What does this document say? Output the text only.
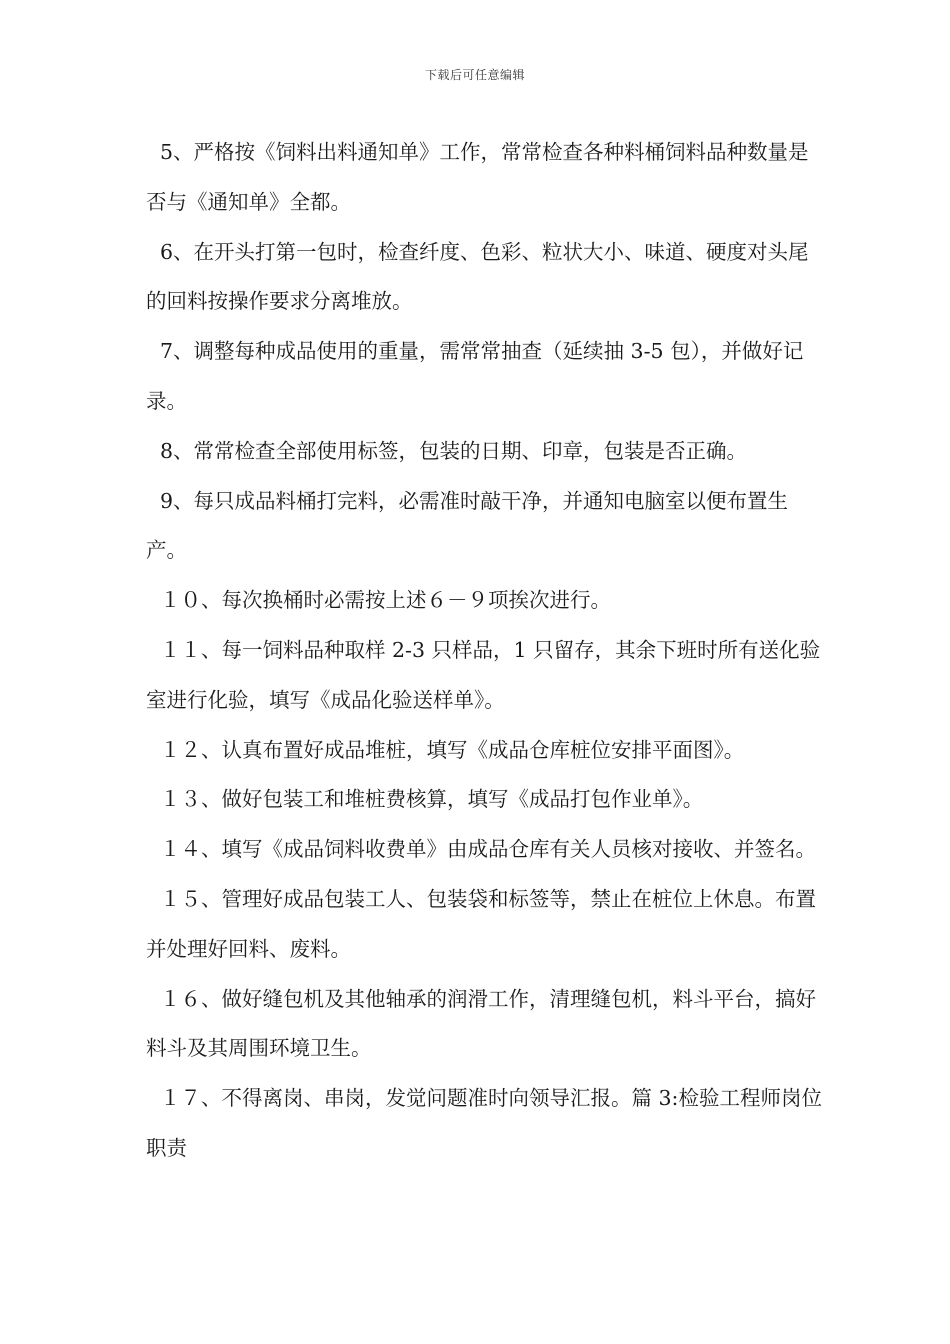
下载后可任意编辑

5、严格按《饲料出料通知单》工作，常常检查各种料桶饲料品种数量是否与《通知单》全都。

6、在开头打第一包时，检查纤度、色彩、粒状大小、味道、硬度对头尾的回料按操作要求分离堆放。

7、调整每种成品使用的重量，需常常抽查（延续抽 3-5 包），并做好记录。

8、常常检查全部使用标签，包装的日期、印章，包装是否正确。

9、每只成品料桶打完料，必需准时敲干净，并通知电脑室以便布置生产。

１０、每次换桶时必需按上述６－９项挨次进行。

１１、每一饲料品种取样 2-3 只样品，1 只留存，其余下班时所有送化验室进行化验，填写《成品化验送样单》。

１２、认真布置好成品堆桩，填写《成品仓库桩位安排平面图》。

１３、做好包装工和堆桩费核算，填写《成品打包作业单》。

１４、填写《成品饲料收费单》由成品仓库有关人员核对接收、并签名。

１５、管理好成品包装工人、包装袋和标签等，禁止在桩位上休息。布置并处理好回料、废料。

１６、做好缝包机及其他轴承的润滑工作，清理缝包机，料斗平台，搞好料斗及其周围环境卫生。

１７、不得离岗、串岗，发觉问题准时向领导汇报。篇 3:检验工程师岗位职责
